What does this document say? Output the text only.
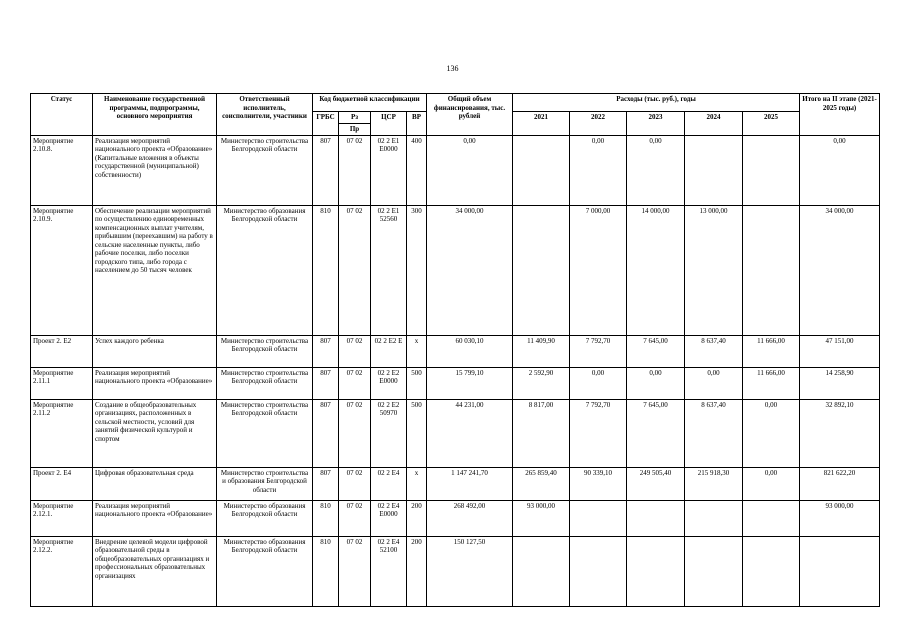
136
Статус	Наименование государственной программы, подпрограммы, основного мероприятия	Ответственный исполнитель, соисполнители, участники	Код бюджетной классификации				Общий объем финансирования, тыс. рублей	Расходы (тыс. руб.), годы					Итого на II этапе (2021-2025 годы)
			ГРБС	Рз	ЦСР	ВР		2021	2022	2023	2024	2025	
				Пр									
Мероприятие 2.10.8.	Реализация мероприятий национального проекта «Образование» (Капитальные вложения в объекты государственной (муниципальной) собственности)	Министерство строительства Белгородской области	807	07 02	02 2 E1 E0000	400	0,00		0,00	0,00			0,00
Мероприятие 2.10.9.	Обеспечение реализации мероприятий по осуществлению единовременных компенсационных выплат учителям, прибывшим (переехавшим) на работу в сельские населенные пункты, либо рабочие поселки, либо поселки городского типа, либо города с населением до 50 тысяч человек	Министерство образования Белгородской области	810	07 02	02 2 E1 52560	300	34 000,00		7 000,00	14 000,00	13 000,00		34 000,00
Проект 2. E2	Успех каждого ребенка	Министерство строительства Белгородской области	807	07 02	02 2 E2 E	x	60 030,10	11 409,90	7 792,70	7 645,00	8 637,40	11 666,00	47 151,00
Мероприятие 2.11.1	Реализация мероприятий национального проекта «Образование»	Министерство строительства Белгородской области	807	07 02	02 2 E2 E0000	500	15 799,10	2 592,90	0,00	0,00	0,00	11 666,00	14 258,90
Мероприятие 2.11.2	Создание в общеобразовательных организациях, расположенных в сельской местности, условий для занятий физической культурой и спортом	Министерство строительства Белгородской области	807	07 02	02 2 E2 50970	500	44 231,00	8 817,00	7 792,70	7 645,00	8 637,40	0,00	32 892,10
Проект 2. E4	Цифровая образовательная среда	Министерство строительства и образования Белгородской области	807	07 02	02 2 E4	x	1 147 241,70	265 859,40	90 339,10	249 505,40	215 918,30	0,00	821 622,20
Мероприятие 2.12.1.	Реализация мероприятий национального проекта «Образование»	Министерство образования Белгородской области	810	07 02	02 2 E4 E0000	200	268 492,00	93 000,00					93 000,00
Мероприятие 2.12.2.	Внедрение целевой модели цифровой образовательной среды в общеобразовательных организациях и профессиональных образовательных организациях	Министерство образования Белгородской области	810	07 02	02 2 E4 52100	200	150 127,50						
